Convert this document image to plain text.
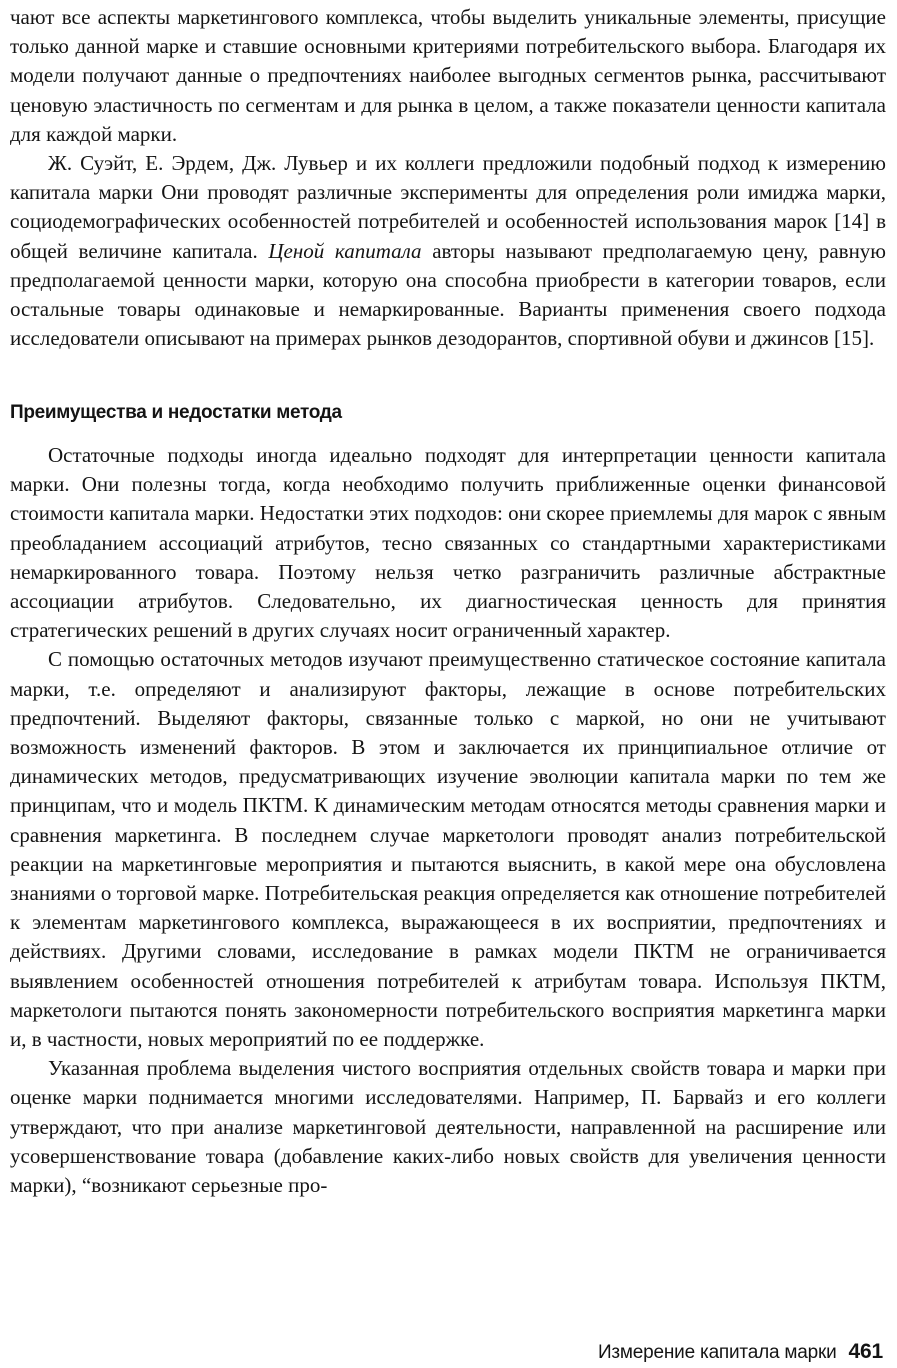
чают все аспекты маркетингового комплекса, чтобы выделить уникальные элементы, присущие только данной марке и ставшие основными критериями потребительского выбора. Благодаря их модели получают данные о предпочтениях наиболее выгодных сегментов рынка, рассчитывают ценовую эластичность по сегментам и для рынка в целом, а также показатели ценности капитала для каждой марки.

Ж. Суэйт, Е. Эрдем, Дж. Лувьер и их коллеги предложили подобный подход к измерению капитала марки Они проводят различные эксперименты для определения роли имиджа марки, социодемографических особенностей потребителей и особенностей использования марок [14] в общей величине капитала. Ценой капитала авторы называют предполагаемую цену, равную предполагаемой ценности марки, которую она способна приобрести в категории товаров, если остальные товары одинаковые и немаркированные. Варианты применения своего подхода исследователи описывают на примерах рынков дезодорантов, спортивной обуви и джинсов [15].

Преимущества и недостатки метода

Остаточные подходы иногда идеально подходят для интерпретации ценности капитала марки. Они полезны тогда, когда необходимо получить приближенные оценки финансовой стоимости капитала марки. Недостатки этих подходов: они скорее приемлемы для марок с явным преобладанием ассоциаций атрибутов, тесно связанных со стандартными характеристиками немаркированного товара. Поэтому нельзя четко разграничить различные абстрактные ассоциации атрибутов. Следовательно, их диагностическая ценность для принятия стратегических решений в других случаях носит ограниченный характер.

С помощью остаточных методов изучают преимущественно статическое состояние капитала марки, т.е. определяют и анализируют факторы, лежащие в основе потребительских предпочтений. Выделяют факторы, связанные только с маркой, но они не учитывают возможность изменений факторов. В этом и заключается их принципиальное отличие от динамических методов, предусматривающих изучение эволюции капитала марки по тем же принципам, что и модель ПКТМ. К динамическим методам относятся методы сравнения марки и сравнения маркетинга. В последнем случае маркетологи проводят анализ потребительской реакции на маркетинговые мероприятия и пытаются выяснить, в какой мере она обусловлена знаниями о торговой марке. Потребительская реакция определяется как отношение потребителей к элементам маркетингового комплекса, выражающееся в их восприятии, предпочтениях и действиях. Другими словами, исследование в рамках модели ПКТМ не ограничивается выявлением особенностей отношения потребителей к атрибутам товара. Используя ПКТМ, маркетологи пытаются понять закономерности потребительского восприятия маркетинга марки и, в частности, новых мероприятий по ее поддержке.

Указанная проблема выделения чистого восприятия отдельных свойств товара и марки при оценке марки поднимается многими исследователями. Например, П. Барвайз и его коллеги утверждают, что при анализе маркетинговой деятельности, направленной на расширение или усовершенствование товара (добавление каких-либо новых свойств для увеличения ценности марки), “возникают серьезные про-

Измерение капитала марки 461
